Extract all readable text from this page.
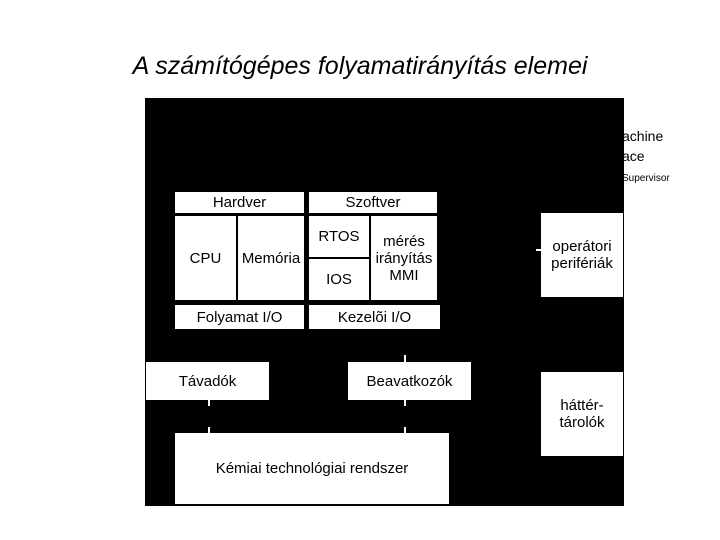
A számítógépes folyamatirányítás elemei
achine
ace
Supervisor
Hardver
CPU Memória
Szoftver
RTOS
IOS
mérés
irányítás
MMI
Folyamat I/O	Kezelõi I/O
operátori
perifériák
háttér-
tárolók
Távadók	Beavatkozók
Kémiai technológiai rendszer
